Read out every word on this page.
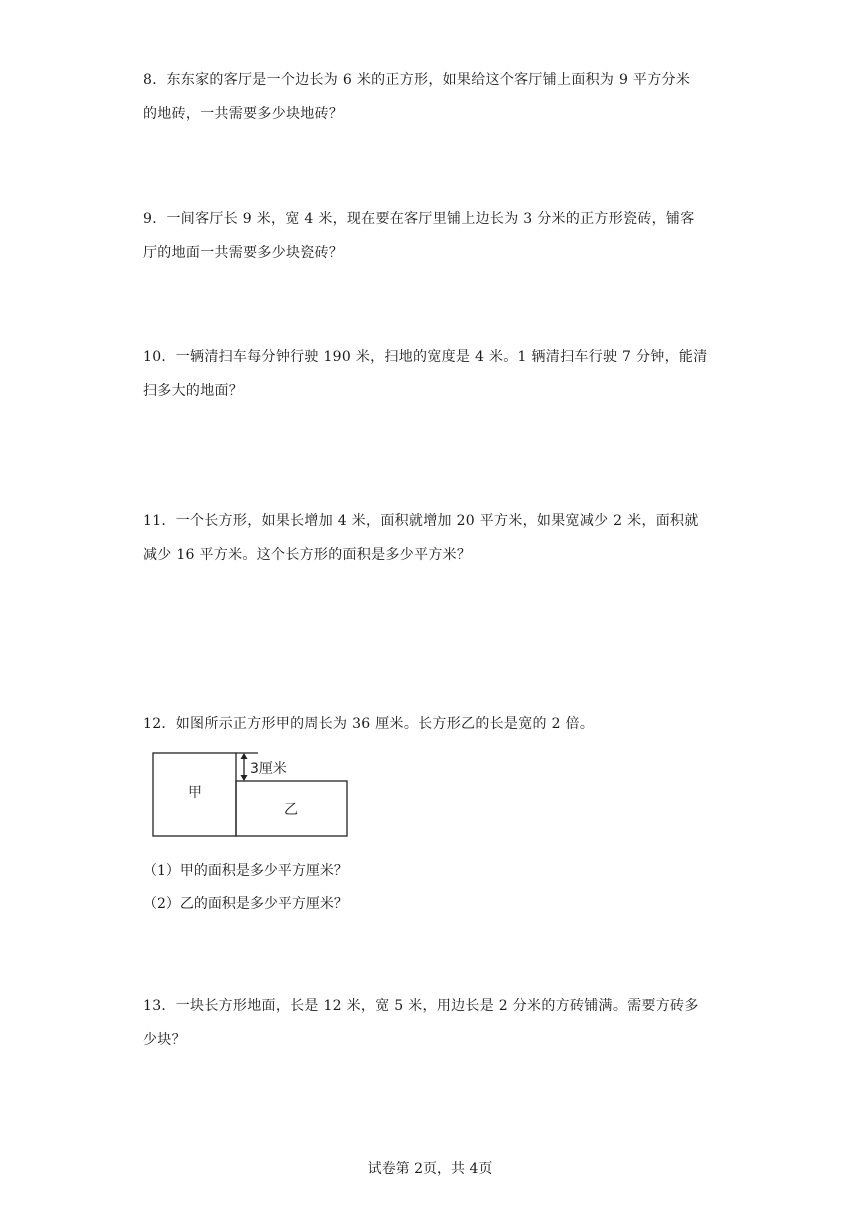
8．东东家的客厅是一个边长为 6 米的正方形，如果给这个客厅铺上面积为 9 平方分米

的地砖，一共需要多少块地砖？

9．一间客厅长 9 米，宽 4 米，现在要在客厅里铺上边长为 3 分米的正方形瓷砖，铺客

厅的地面一共需要多少块瓷砖？

10．一辆清扫车每分钟行驶 190 米，扫地的宽度是 4 米。1 辆清扫车行驶 7 分钟，能清

扫多大的地面？

11．一个长方形，如果长增加 4 米，面积就增加 20 平方米，如果宽减少 2 米，面积就

减少 16 平方米。这个长方形的面积是多少平方米？

12．如图所示正方形甲的周长为 36 厘米。长方形乙的长是宽的 2 倍。

3厘米
甲
乙
（1）甲的面积是多少平方厘米？
（2）乙的面积是多少平方厘米？

13．一块长方形地面，长是 12 米，宽 5 米，用边长是 2 分米的方砖铺满。需要方砖多

少块？

试卷第 2页，共 4页
